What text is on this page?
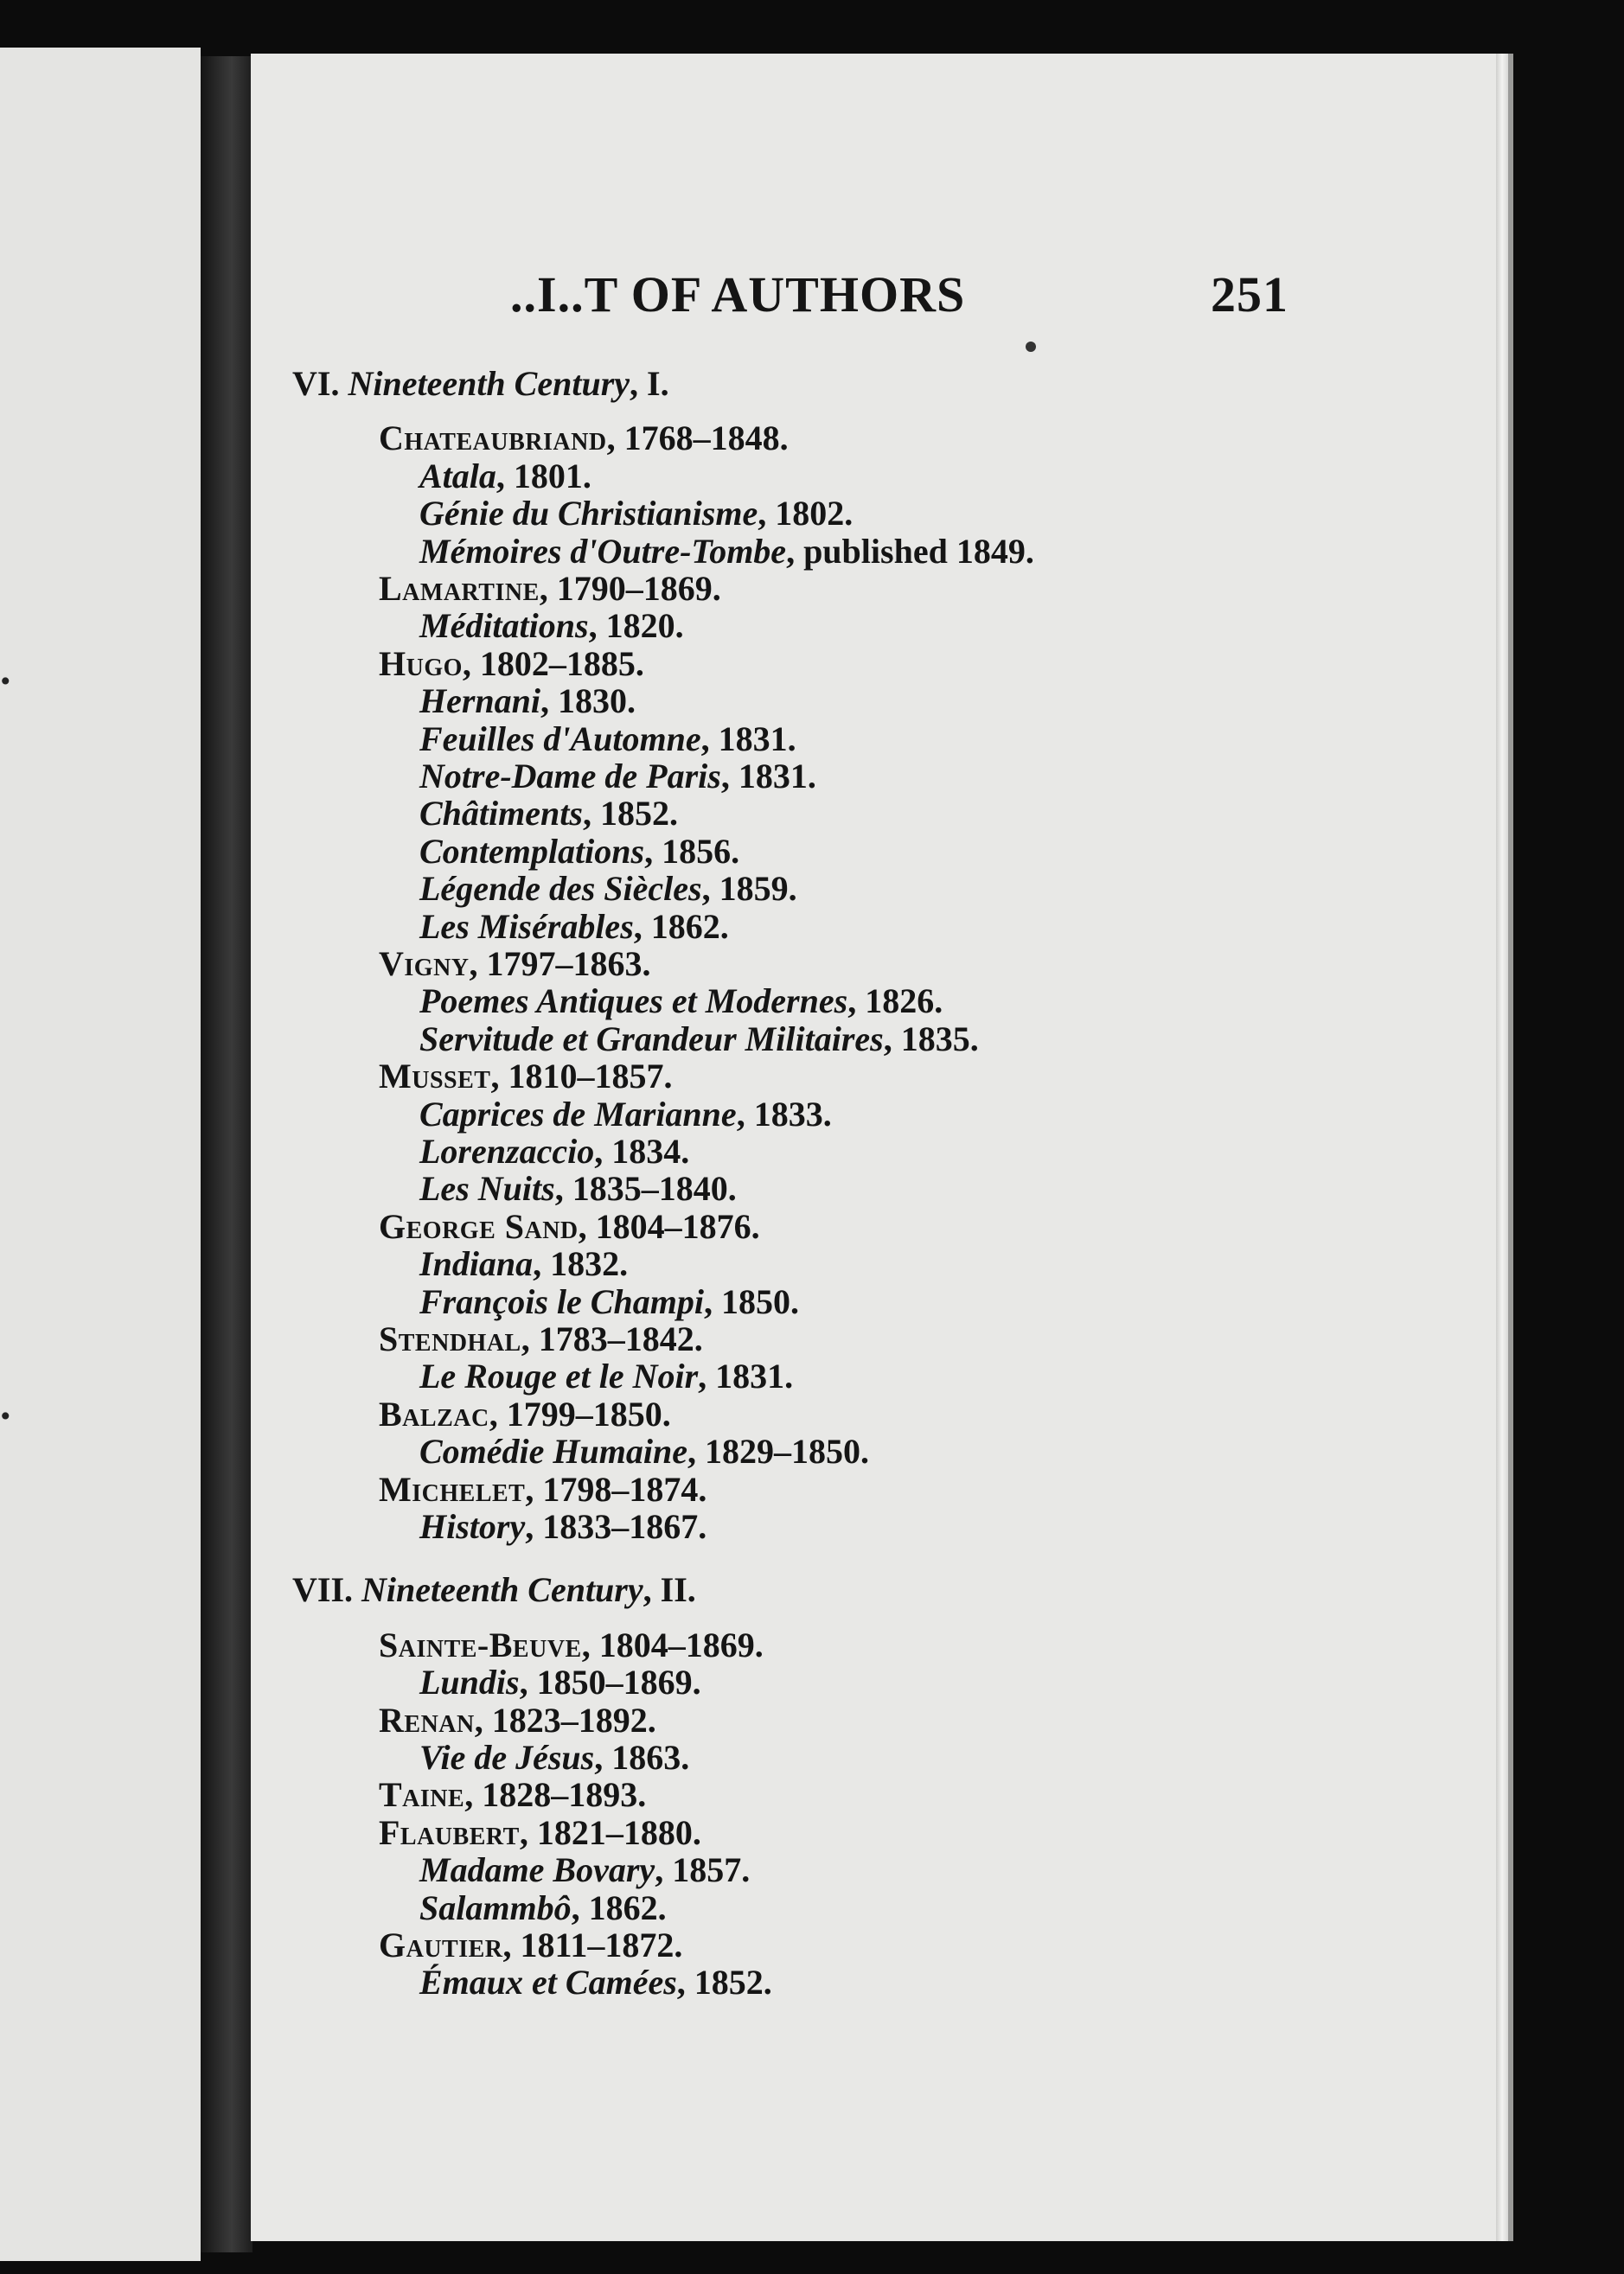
.
.
..I..T OF AUTHORS	251
VI. Nineteenth Century, I.
Chateaubriand, 1768–1848.
Atala, 1801.
Génie du Christianisme, 1802.
Mémoires d'Outre-Tombe, published 1849.
Lamartine, 1790–1869.
Méditations, 1820.
Hugo, 1802–1885.
Hernani, 1830.
Feuilles d'Automne, 1831.
Notre-Dame de Paris, 1831.
Châtiments, 1852.
Contemplations, 1856.
Légende des Siècles, 1859.
Les Misérables, 1862.
Vigny, 1797–1863.
Poemes Antiques et Modernes, 1826.
Servitude et Grandeur Militaires, 1835.
Musset, 1810–1857.
Caprices de Marianne, 1833.
Lorenzaccio, 1834.
Les Nuits, 1835–1840.
George Sand, 1804–1876.
Indiana, 1832.
François le Champi, 1850.
Stendhal, 1783–1842.
Le Rouge et le Noir, 1831.
Balzac, 1799–1850.
Comédie Humaine, 1829–1850.
Michelet, 1798–1874.
History, 1833–1867.
VII. Nineteenth Century, II.
Sainte-Beuve, 1804–1869.
Lundis, 1850–1869.
Renan, 1823–1892.
Vie de Jésus, 1863.
Taine, 1828–1893.
Flaubert, 1821–1880.
Madame Bovary, 1857.
Salammbô, 1862.
Gautier, 1811–1872.
Émaux et Camées, 1852.
